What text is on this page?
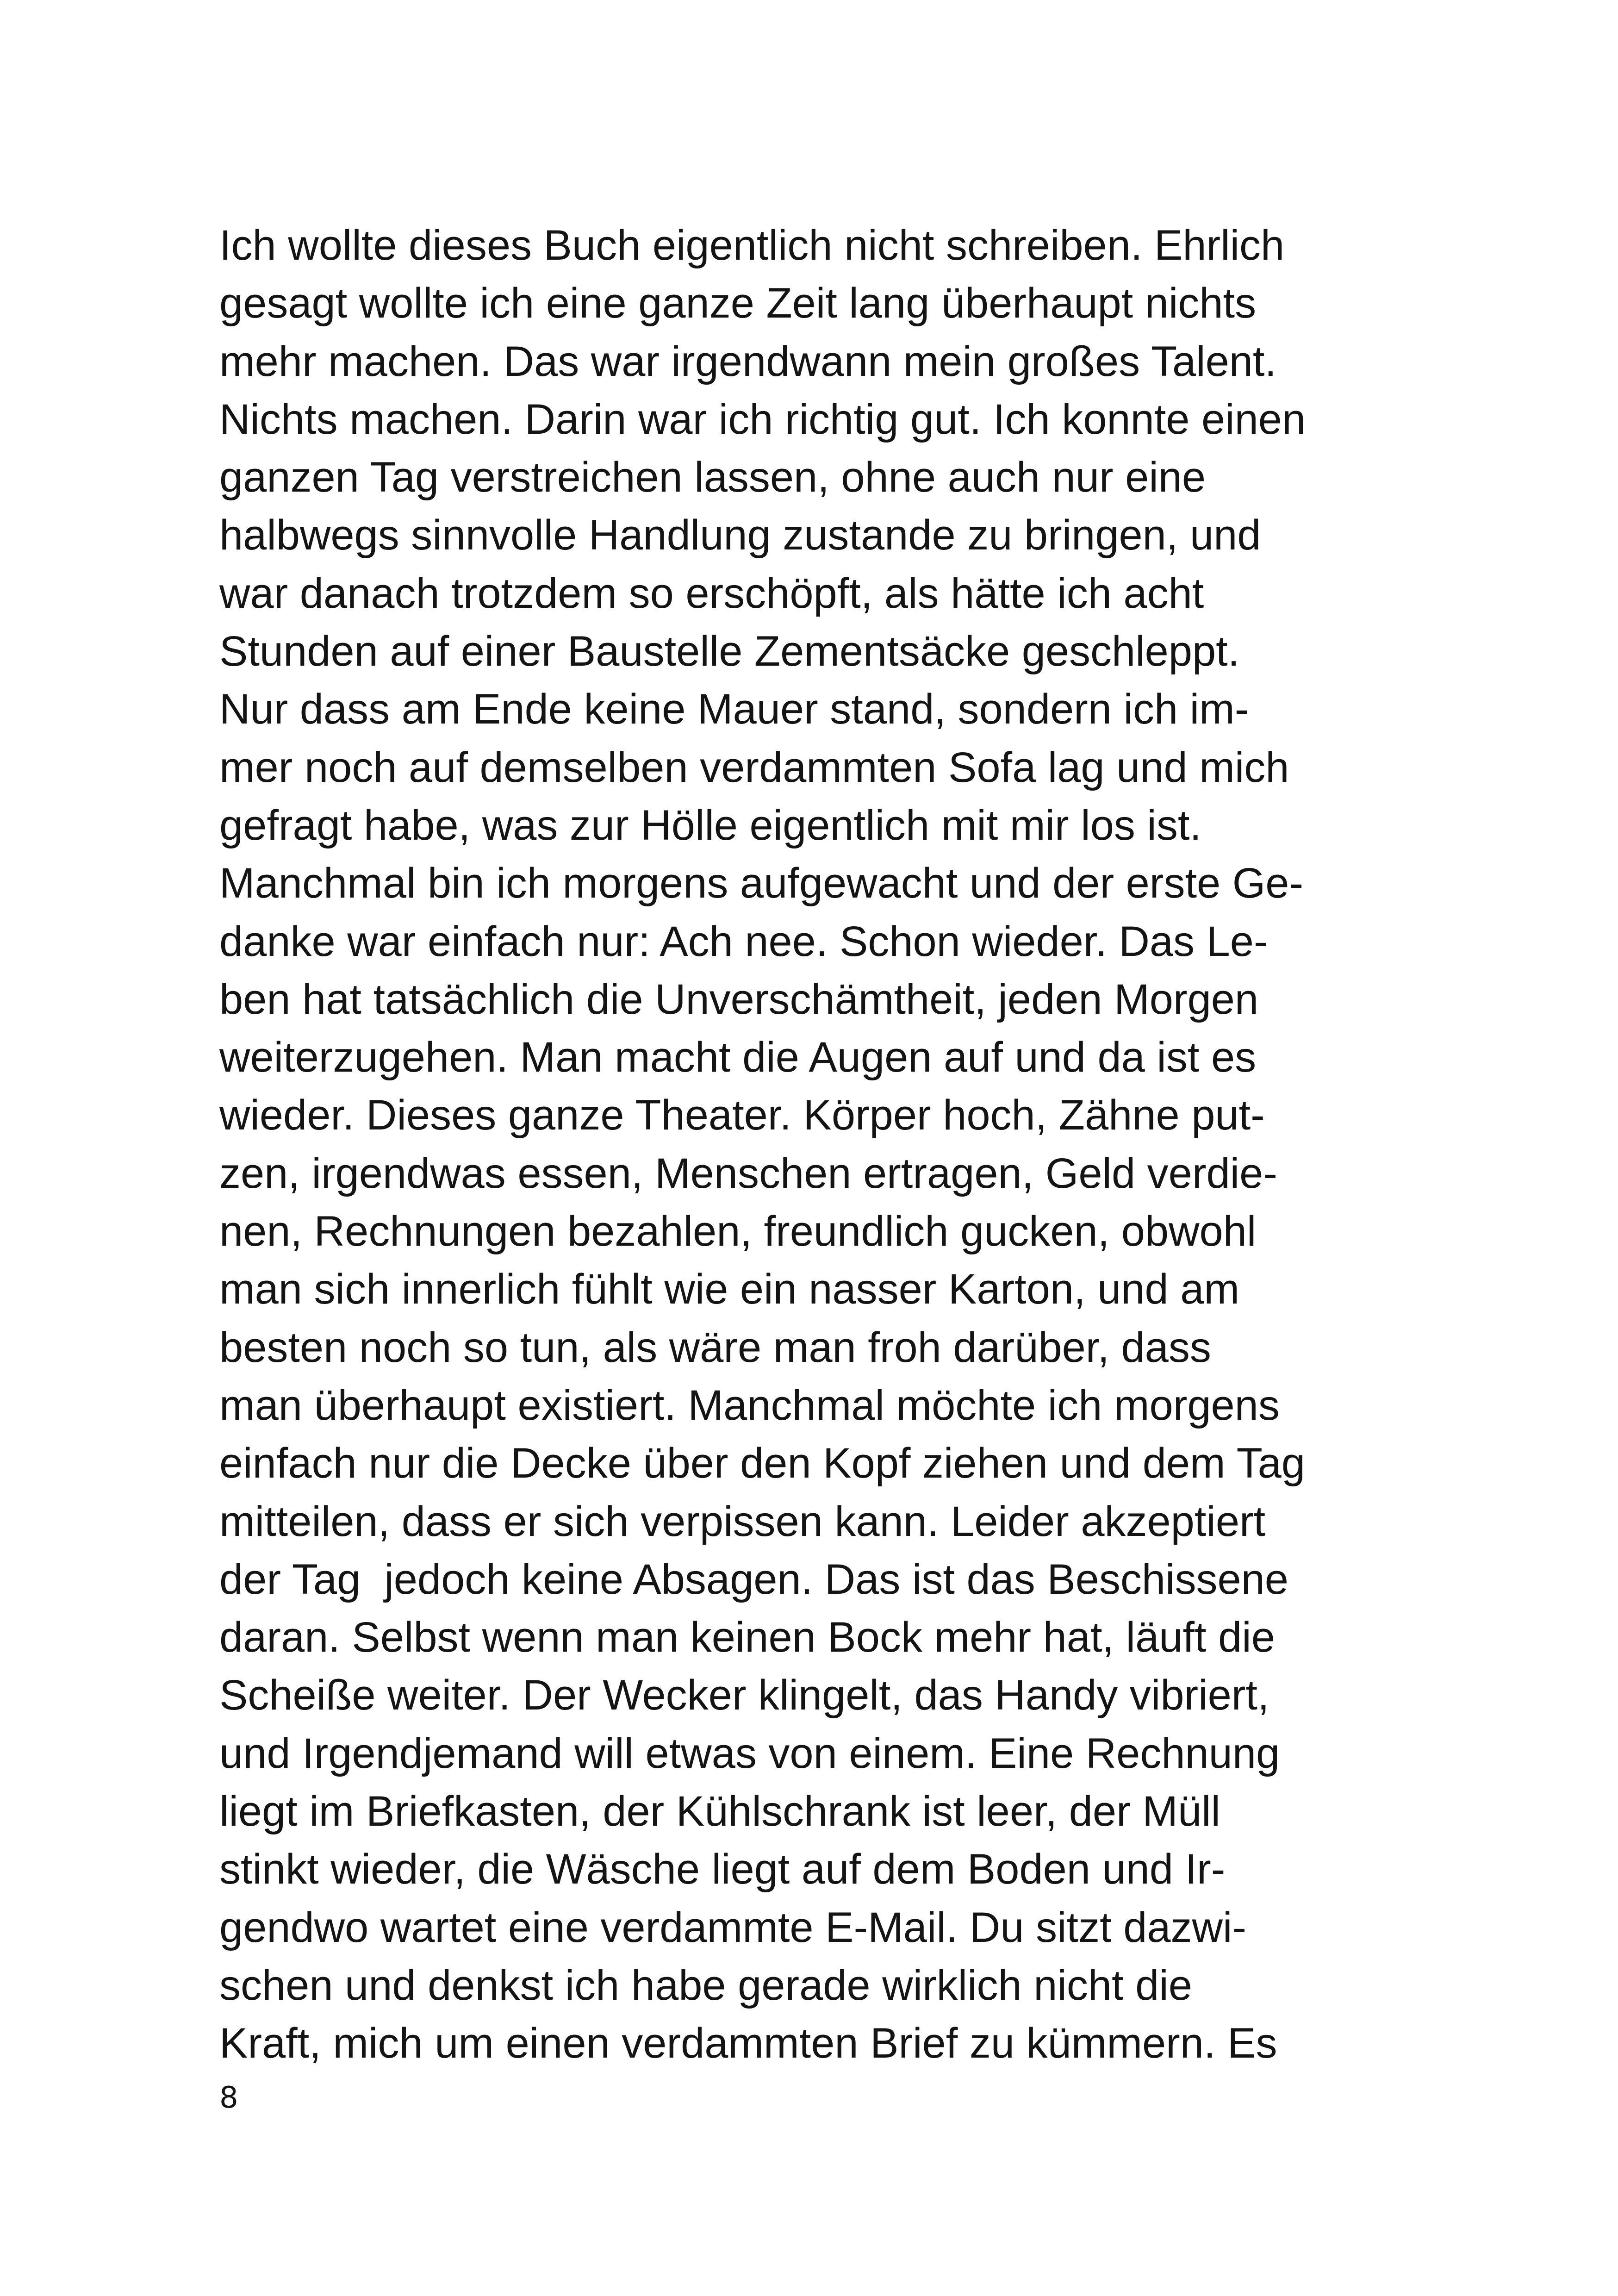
Ich wollte dieses Buch eigentlich nicht schreiben. Ehrlich
gesagt wollte ich eine ganze Zeit lang überhaupt nichts
mehr machen. Das war irgendwann mein großes Talent.
Nichts machen. Darin war ich richtig gut. Ich konnte einen
ganzen Tag verstreichen lassen, ohne auch nur eine
halbwegs sinnvolle Handlung zustande zu bringen, und
war danach trotzdem so erschöpft, als hätte ich acht
Stunden auf einer Baustelle Zementsäcke geschleppt.
Nur dass am Ende keine Mauer stand, sondern ich im-
mer noch auf demselben verdammten Sofa lag und mich
gefragt habe, was zur Hölle eigentlich mit mir los ist.
Manchmal bin ich morgens aufgewacht und der erste Ge-
danke war einfach nur: Ach nee. Schon wieder. Das Le-
ben hat tatsächlich die Unverschämtheit, jeden Morgen
weiterzugehen. Man macht die Augen auf und da ist es
wieder. Dieses ganze Theater. Körper hoch, Zähne put-
zen, irgendwas essen, Menschen ertragen, Geld verdie-
nen, Rechnungen bezahlen, freundlich gucken, obwohl
man sich innerlich fühlt wie ein nasser Karton, und am
besten noch so tun, als wäre man froh darüber, dass
man überhaupt existiert. Manchmal möchte ich morgens
einfach nur die Decke über den Kopf ziehen und dem Tag
mitteilen, dass er sich verpissen kann. Leider akzeptiert
der Tag  jedoch keine Absagen. Das ist das Beschissene
daran. Selbst wenn man keinen Bock mehr hat, läuft die
Scheiße weiter. Der Wecker klingelt, das Handy vibriert,
und Irgendjemand will etwas von einem. Eine Rechnung
liegt im Briefkasten, der Kühlschrank ist leer, der Müll
stinkt wieder, die Wäsche liegt auf dem Boden und Ir-
gendwo wartet eine verdammte E-Mail. Du sitzt dazwi-
schen und denkst ich habe gerade wirklich nicht die
Kraft, mich um einen verdammten Brief zu kümmern. Es
8
